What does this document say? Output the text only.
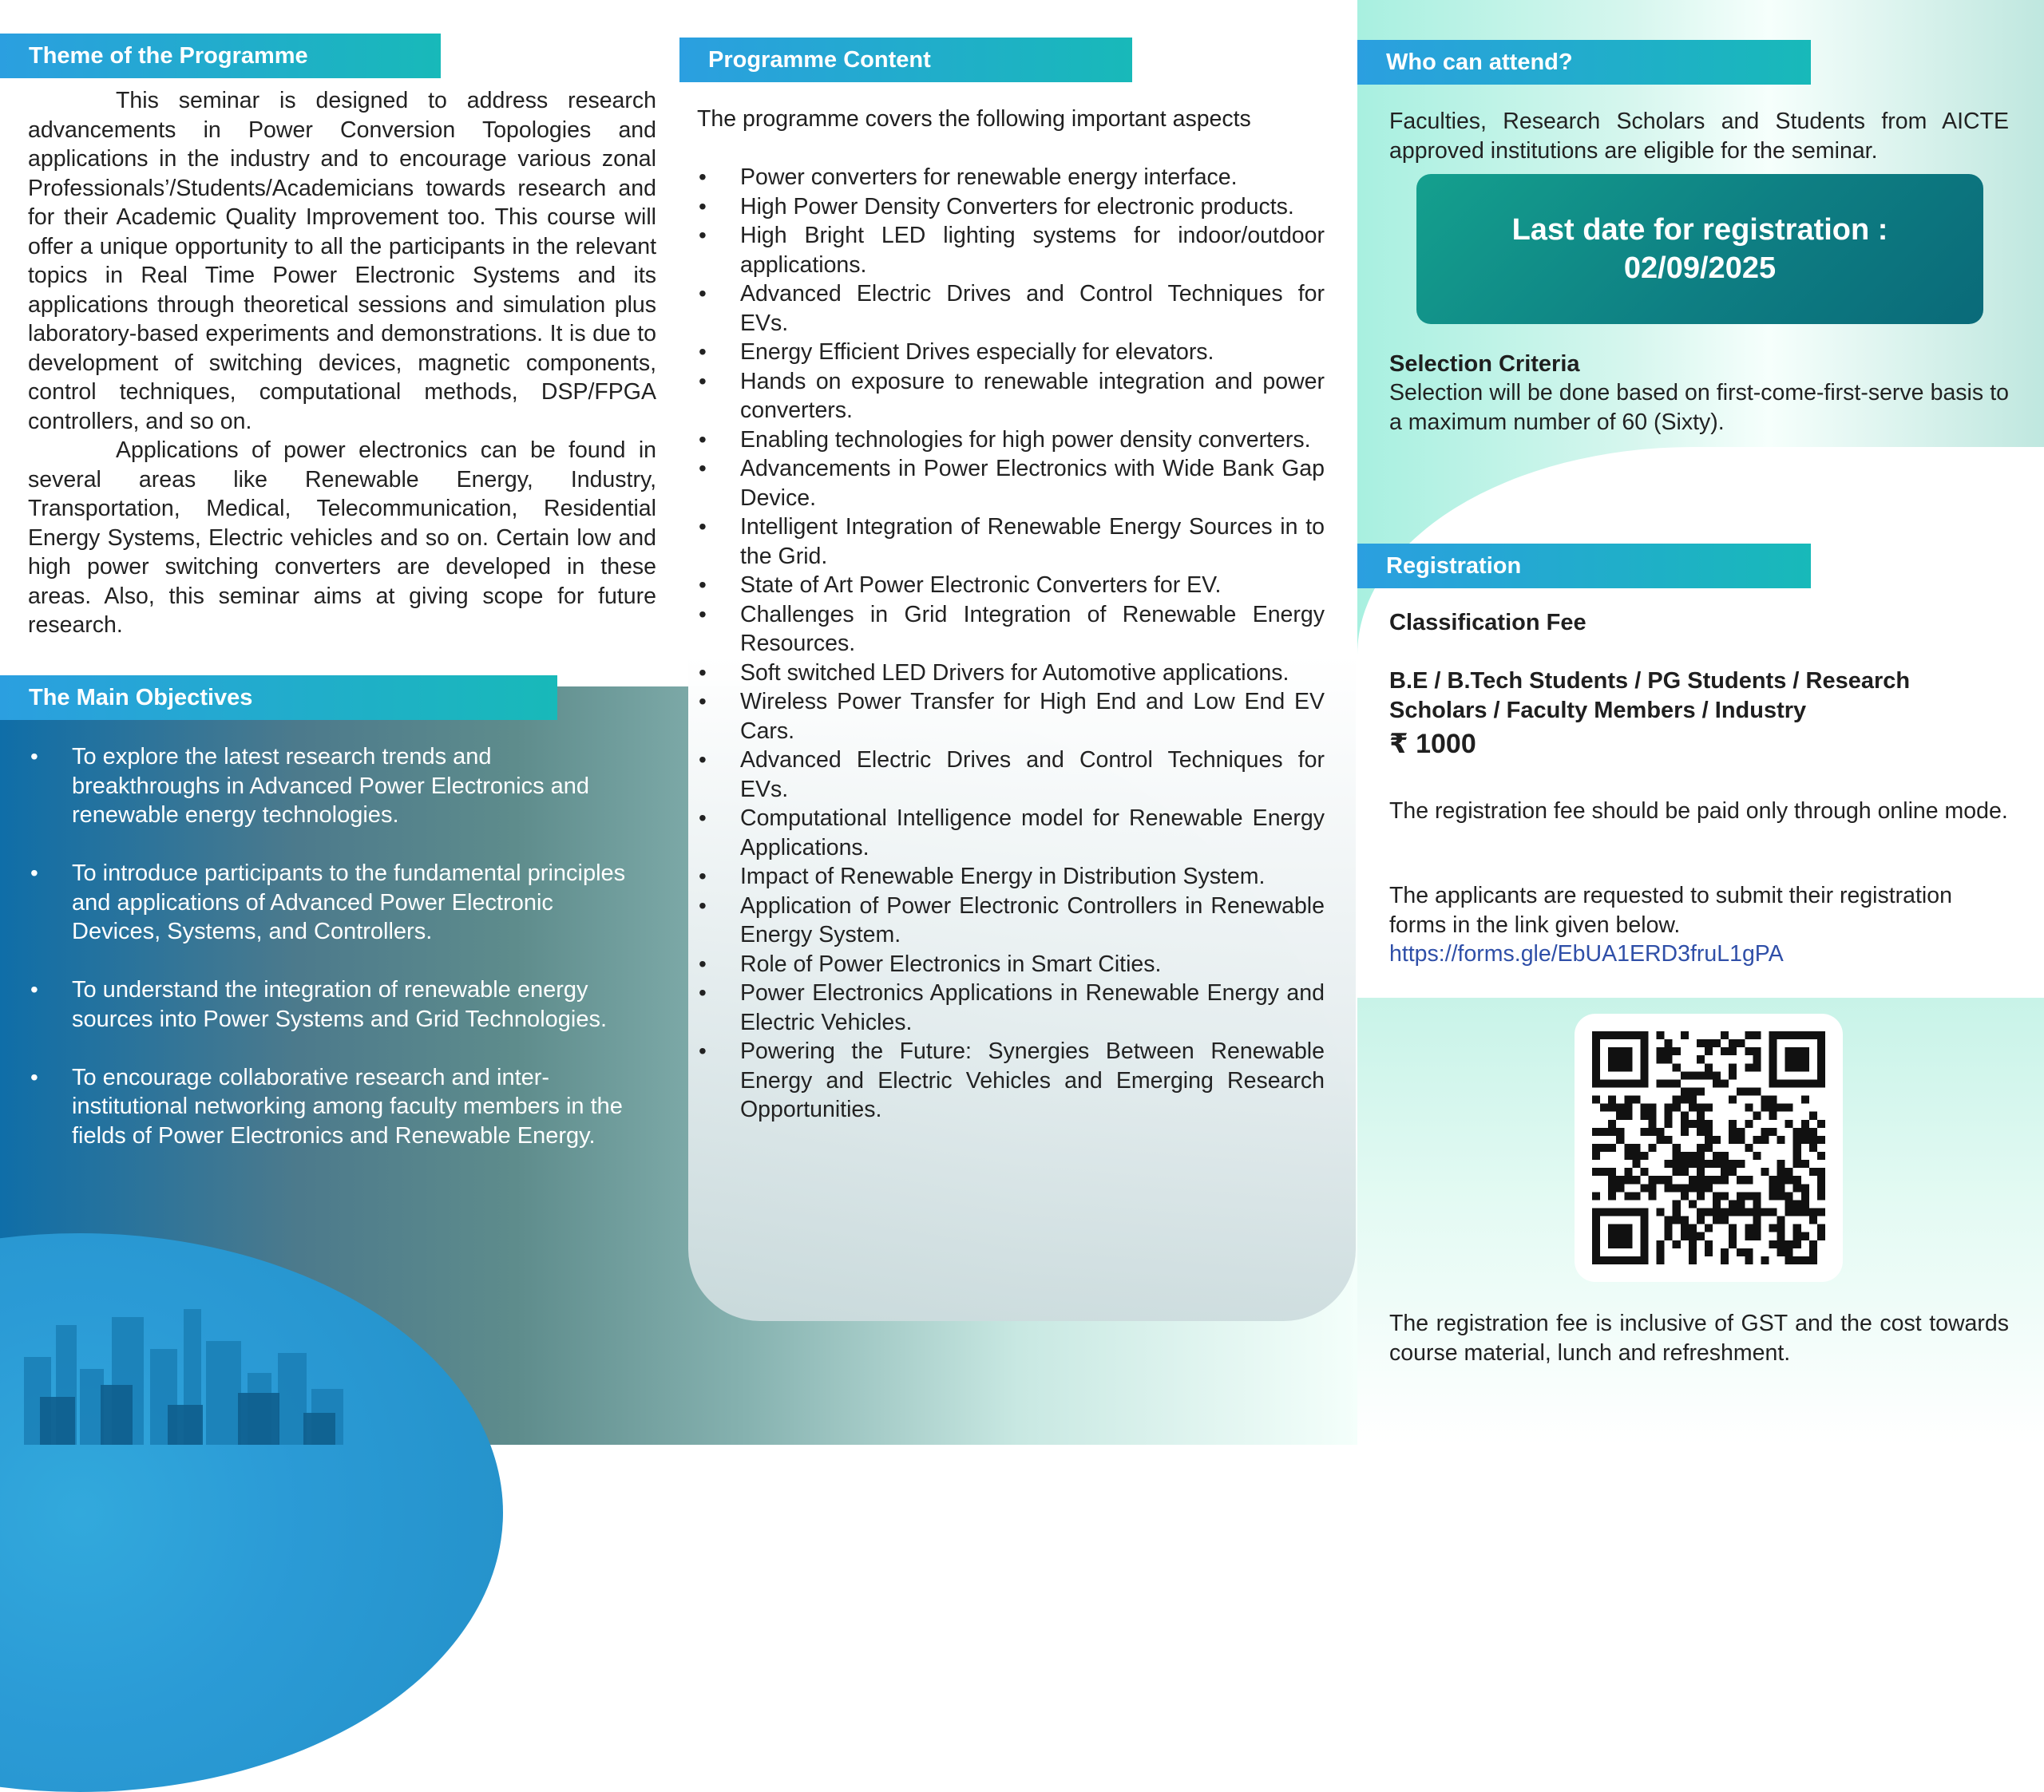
Theme of the Programme

This seminar is designed to address research advancements in Power Conversion Topologies and applications in the industry and to encourage various zonal Professionals’/Students/Academicians towards research and for their Academic Quality Improvement too. This course will offer a unique opportunity to all the participants in the relevant topics in Real Time Power Electronic Systems and its applications through theoretical sessions and simulation plus laboratory-based experiments and demonstrations. It is due to development of switching devices, magnetic components, control techniques, computational methods, DSP/FPGA controllers, and so on.

Applications of power electronics can be found in several areas like Renewable Energy, Industry, Transportation, Medical, Telecommunication, Residential Energy Systems, Electric vehicles and so on. Certain low and high power switching converters are developed in these areas. Also, this seminar aims at giving scope for future research.

The Main Objectives
• To explore the latest research trends and breakthroughs in Advanced Power Electronics and renewable energy technologies.
• To introduce participants to the fundamental principles and applications of Advanced Power Electronic Devices, Systems, and Controllers.
• To understand the integration of renewable energy sources into Power Systems and Grid Technologies.
• To encourage collaborative research and inter-institutional networking among faculty members in the fields of Power Electronics and Renewable Energy.
Programme Content
The programme covers the following important aspects
• Power converters for renewable energy interface.
• High Power Density Converters for electronic products.
• High Bright LED lighting systems for indoor/outdoor applications.
• Advanced Electric Drives and Control Techniques for EVs.
• Energy Efficient Drives especially for elevators.
• Hands on exposure to renewable integration and power converters.
• Enabling technologies for high power density converters.
• Advancements in Power Electronics with Wide Bank Gap Device.
• Intelligent Integration of Renewable Energy Sources in to the Grid.
• State of Art Power Electronic Converters for EV.
• Challenges in Grid Integration of Renewable Energy Resources.
• Soft switched LED Drivers for Automotive applications.
• Wireless Power Transfer for High End and Low End EV Cars.
• Advanced Electric Drives and Control Techniques for EVs.
• Computational Intelligence model for Renewable Energy Applications.
• Impact of Renewable Energy in Distribution System.
• Application of Power Electronic Controllers in Renewable Energy System.
• Role of Power Electronics in Smart Cities.
• Power Electronics Applications in Renewable Energy and Electric Vehicles.
• Powering the Future: Synergies Between Renewable Energy and Electric Vehicles and Emerging Research Opportunities.
Who can attend?
Faculties, Research Scholars and Students from AICTE approved institutions are eligible for the seminar.
Last date for registration :
02/09/2025
Selection Criteria
Selection will be done based on first-come-first-serve basis to a maximum number of 60 (Sixty).
Registration
Classification Fee
B.E / B.Tech Students / PG Students / Research Scholars / Faculty Members / Industry
₹ 1000
The registration fee should be paid only through online mode.
The applicants are requested to submit their registration forms in the link given below.
https://forms.gle/EbUA1ERD3fruL1gPA
The registration fee is inclusive of GST and the cost towards course material, lunch and refreshment.
